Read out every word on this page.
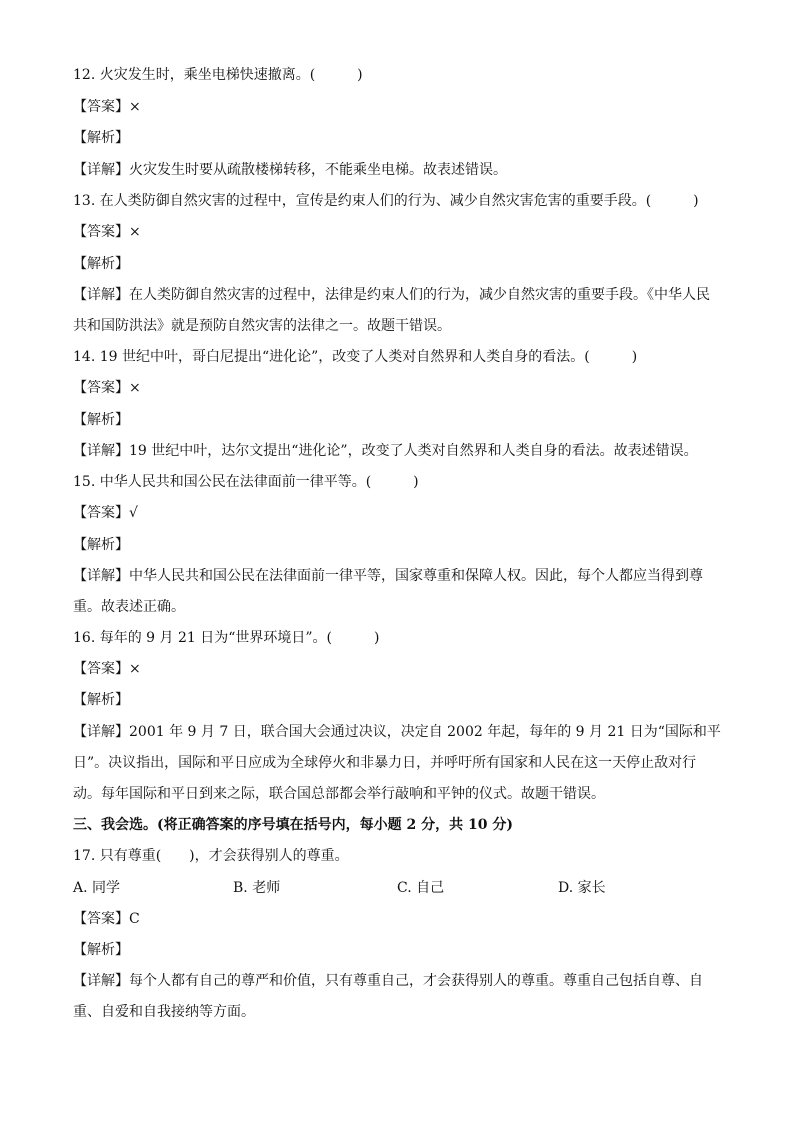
12. 火灾发生时，乘坐电梯快速撤离。(　　　)
【答案】×
【解析】
【详解】火灾发生时要从疏散楼梯转移，不能乘坐电梯。故表述错误。
13. 在人类防御自然灾害的过程中，宣传是约束人们的行为、减少自然灾害危害的重要手段。(　　　)
【答案】×
【解析】
【详解】在人类防御自然灾害的过程中，法律是约束人们的行为，减少自然灾害的重要手段。《中华人民
共和国防洪法》就是预防自然灾害的法律之一。故题干错误。
14. 19 世纪中叶，哥白尼提出“进化论”，改变了人类对自然界和人类自身的看法。(　　　)
【答案】×
【解析】
【详解】19 世纪中叶，达尔文提出“进化论”，改变了人类对自然界和人类自身的看法。故表述错误。
15. 中华人民共和国公民在法律面前一律平等。(　　　)
【答案】√
【解析】
【详解】中华人民共和国公民在法律面前一律平等，国家尊重和保障人权。因此，每个人都应当得到尊
重。故表述正确。
16. 每年的 9 月 21 日为“世界环境日”。(　　　)
【答案】×
【解析】
【详解】2001 年 9 月 7 日，联合国大会通过决议，决定自 2002 年起，每年的 9 月 21 日为“国际和平
日”。决议指出，国际和平日应成为全球停火和非暴力日，并呼吁所有国家和人民在这一天停止敌对行
动。每年国际和平日到来之际，联合国总部都会举行敲响和平钟的仪式。故题干错误。
三、我会选。(将正确答案的序号填在括号内，每小题 2 分，共 10 分)
17. 只有尊重(　　)，才会获得别人的尊重。
A. 同学	B. 老师	C. 自己	D. 家长
【答案】C
【解析】
【详解】每个人都有自己的尊严和价值，只有尊重自己，才会获得别人的尊重。尊重自己包括自尊、自
重、自爱和自我接纳等方面。
